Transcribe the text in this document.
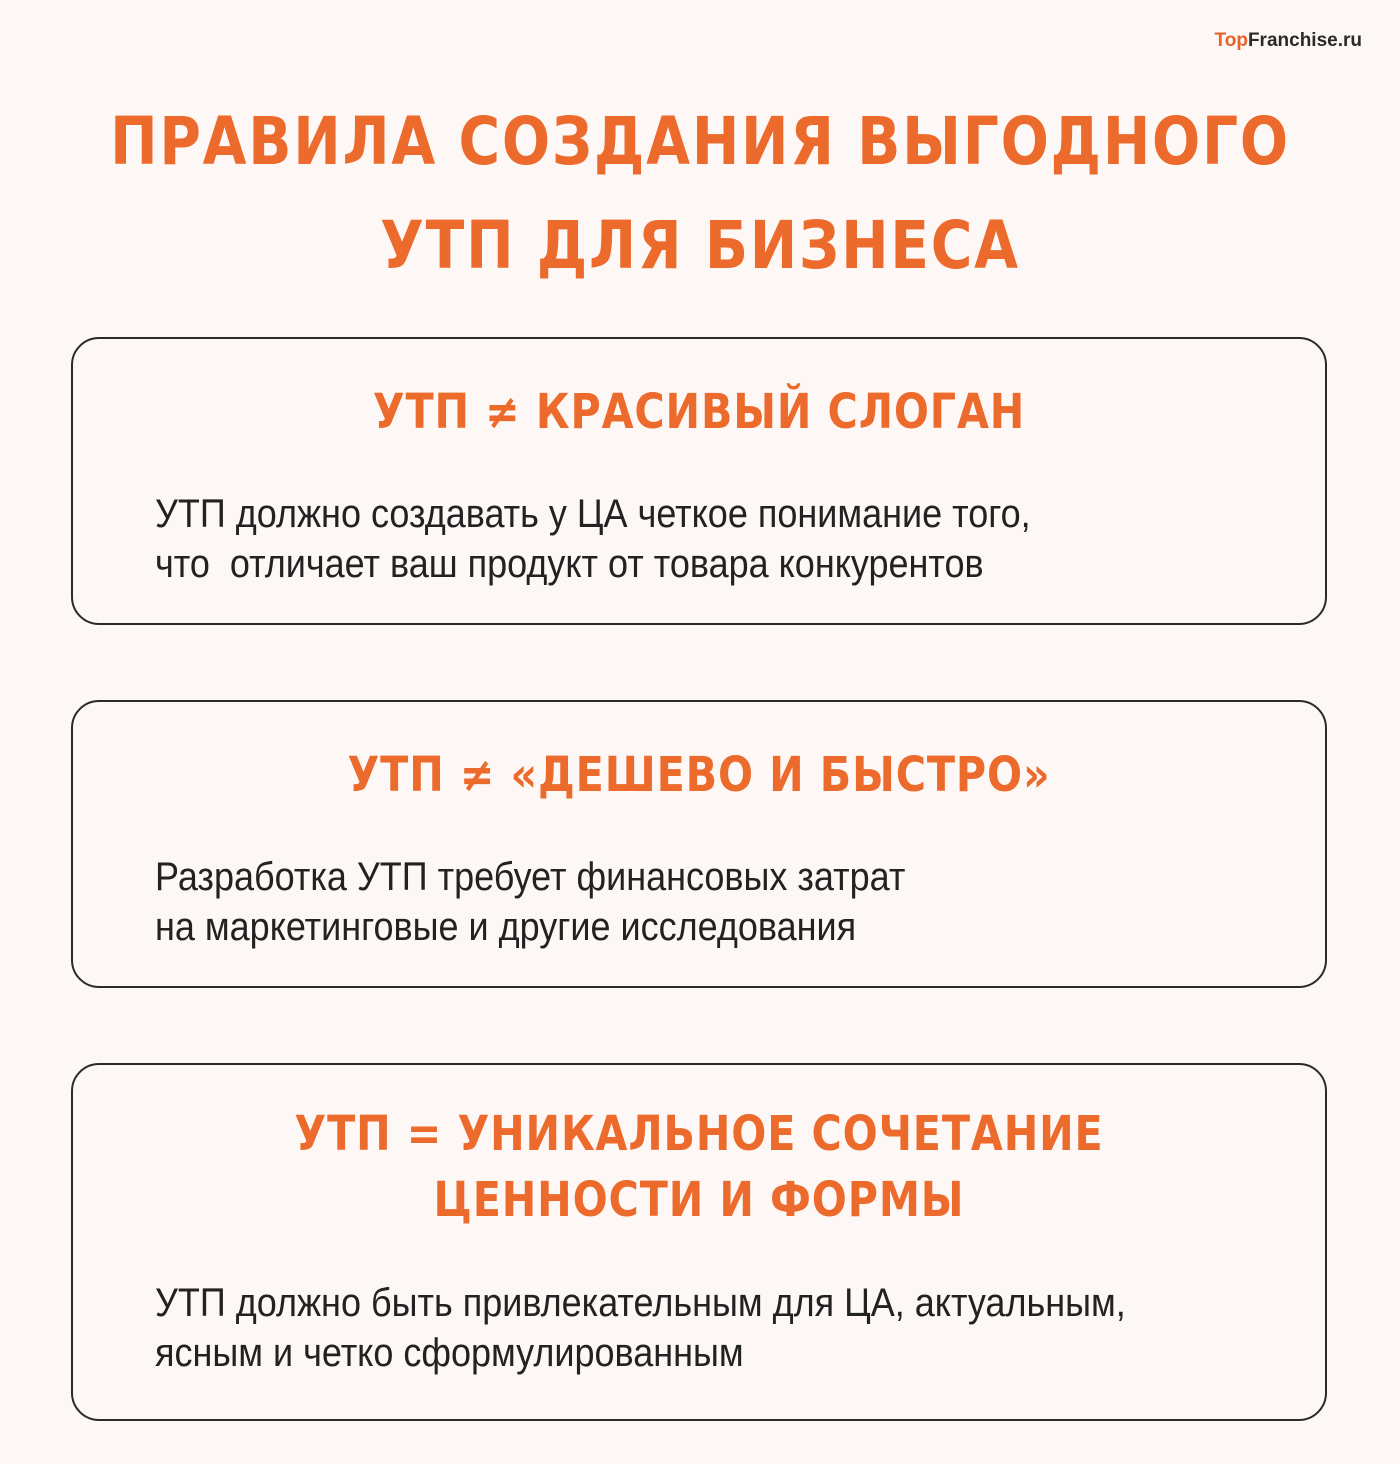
TopFranchise.ru
ПРАВИЛА СОЗДАНИЯ ВЫГОДНОГО
УТП ДЛЯ БИЗНЕСА
УТП ≠ КРАСИВЫЙ СЛОГАН

УТП должно создавать у ЦА четкое понимание того,
что  отличает ваш продукт от товара конкурентов

УТП ≠ «ДЕШЕВО И БЫСТРО»

Разработка УТП требует финансовых затрат
на маркетинговые и другие исследования

УТП = УНИКАЛЬНОЕ СОЧЕТАНИЕ
ЦЕННОСТИ И ФОРМЫ

УТП должно быть привлекательным для ЦА, актуальным,
ясным и четко сформулированным
